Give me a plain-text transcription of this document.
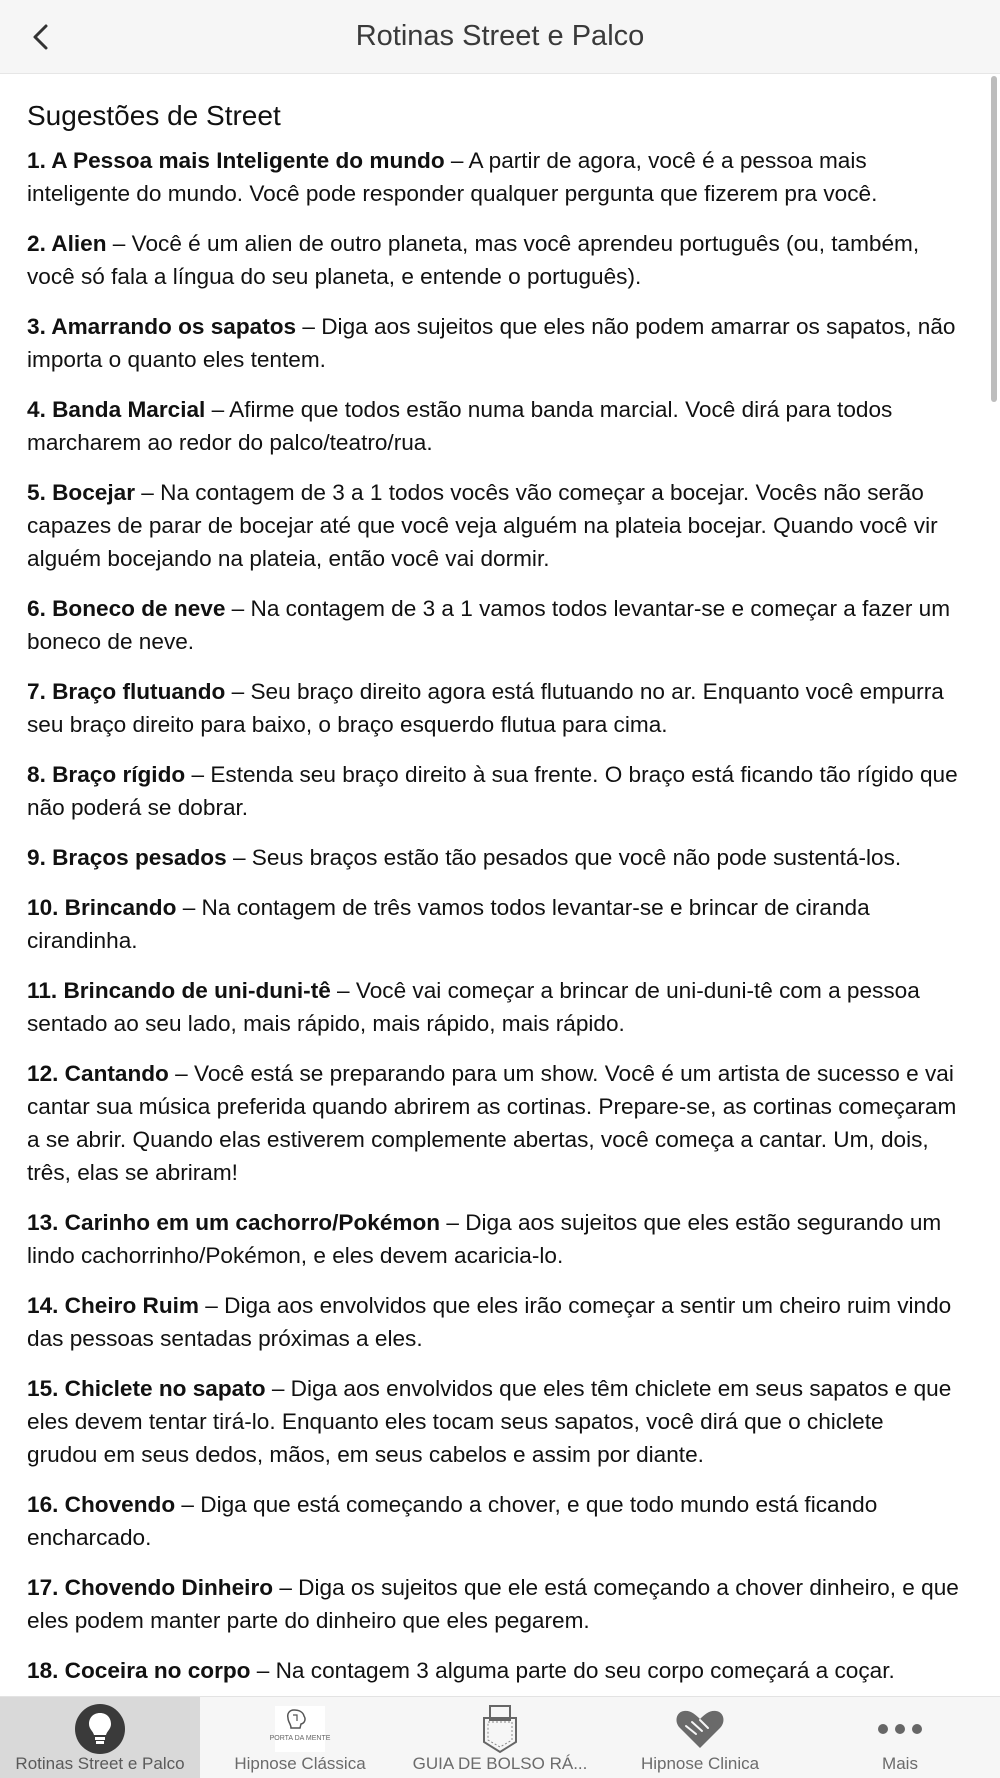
Rotinas Street e Palco
Sugestões de Street

1. A Pessoa mais Inteligente do mundo – A partir de agora, você é a pessoa mais inteligente do mundo. Você pode responder qualquer pergunta que fizerem pra você.

2. Alien – Você é um alien de outro planeta, mas você aprendeu português (ou, também, você só fala a língua do seu planeta, e entende o português).

3. Amarrando os sapatos – Diga aos sujeitos que eles não podem amarrar os sapatos, não importa o quanto eles tentem.

4. Banda Marcial – Afirme que todos estão numa banda marcial. Você dirá para todos marcharem ao redor do palco/teatro/rua.

5. Bocejar – Na contagem de 3 a 1 todos vocês vão começar a bocejar. Vocês não serão capazes de parar de bocejar até que você veja alguém na plateia bocejar. Quando você vir alguém bocejando na plateia, então você vai dormir.

6. Boneco de neve – Na contagem de 3 a 1 vamos todos levantar-se e começar a fazer um boneco de neve.

7. Braço flutuando – Seu braço direito agora está flutuando no ar. Enquanto você empurra seu braço direito para baixo, o braço esquerdo flutua para cima.

8. Braço rígido – Estenda seu braço direito à sua frente. O braço está ficando tão rígido que não poderá se dobrar.

9. Braços pesados – Seus braços estão tão pesados que você não pode sustentá-los.

10. Brincando – Na contagem de três vamos todos levantar-se e brincar de ciranda cirandinha.

11. Brincando de uni-duni-tê – Você vai começar a brincar de uni-duni-tê com a pessoa sentado ao seu lado, mais rápido, mais rápido, mais rápido.

12. Cantando – Você está se preparando para um show. Você é um artista de sucesso e vai cantar sua música preferida quando abrirem as cortinas. Prepare-se, as cortinas começaram a se abrir. Quando elas estiverem complemente abertas, você começa a cantar. Um, dois, três, elas se abriram!

13. Carinho em um cachorro/Pokémon – Diga aos sujeitos que eles estão segurando um lindo cachorrinho/Pokémon, e eles devem acaricia-lo.

14. Cheiro Ruim – Diga aos envolvidos que eles irão começar a sentir um cheiro ruim vindo das pessoas sentadas próximas a eles.

15. Chiclete no sapato – Diga aos envolvidos que eles têm chiclete em seus sapatos e que eles devem tentar tirá-lo. Enquanto eles tocam seus sapatos, você dirá que o chiclete grudou em seus dedos, mãos, em seus cabelos e assim por diante.

16. Chovendo – Diga que está começando a chover, e que todo mundo está ficando encharcado.

17. Chovendo Dinheiro – Diga os sujeitos que ele está começando a chover dinheiro, e que eles podem manter parte do dinheiro que eles pegarem.

18. Coceira no corpo – Na contagem 3 alguma parte do seu corpo começará a coçar.

Rotinas Street e Palco
PORTA DA MENTE
Hipnose Clássica	GUIA DE BOLSO RÁ...	Hipnose Clinica	Mais
